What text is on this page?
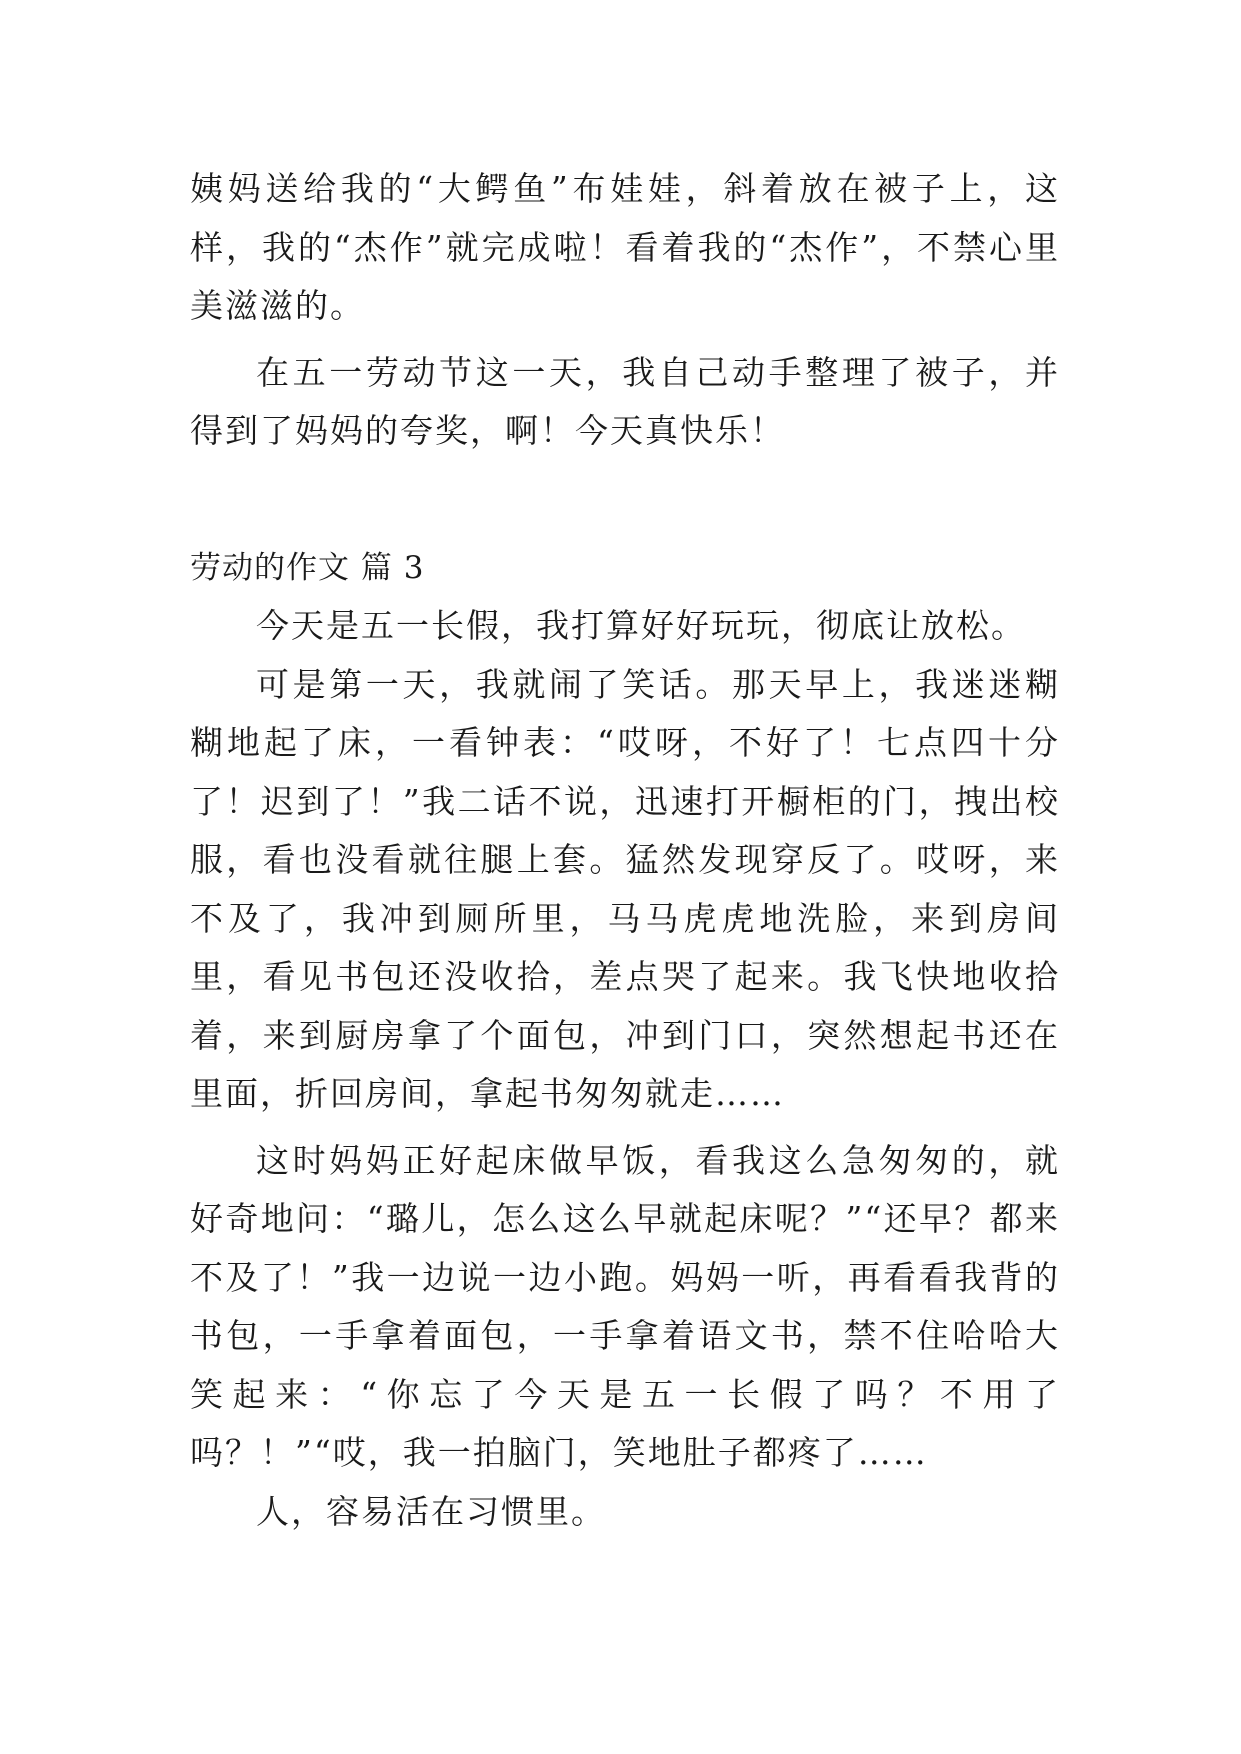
姨妈送给我的“大鳄鱼”布娃娃，斜着放在被子上，这样，我的“杰作”就完成啦！看着我的“杰作”，不禁心里美滋滋的。

在五一劳动节这一天，我自己动手整理了被子，并得到了妈妈的夸奖，啊！今天真快乐！

劳动的作文 篇 3

今天是五一长假，我打算好好玩玩，彻底让放松。

可是第一天，我就闹了笑话。那天早上，我迷迷糊糊地起了床，一看钟表：“哎呀，不好了！七点四十分了！迟到了！”我二话不说，迅速打开橱柜的门，拽出校服，看也没看就往腿上套。猛然发现穿反了。哎呀，来不及了，我冲到厕所里，马马虎虎地洗脸，来到房间里，看见书包还没收拾，差点哭了起来。我飞快地收拾着，来到厨房拿了个面包，冲到门口，突然想起书还在里面，折回房间，拿起书匆匆就走……

这时妈妈正好起床做早饭，看我这么急匆匆的，就好奇地问：“璐儿，怎么这么早就起床呢？”“还早？都来不及了！”我一边说一边小跑。妈妈一听，再看看我背的书包，一手拿着面包，一手拿着语文书，禁不住哈哈大笑起来：“你忘了今天是五一长假了吗？不用了吗？！”“哎，我一拍脑门，笑地肚子都疼了……

人，容易活在习惯里。
